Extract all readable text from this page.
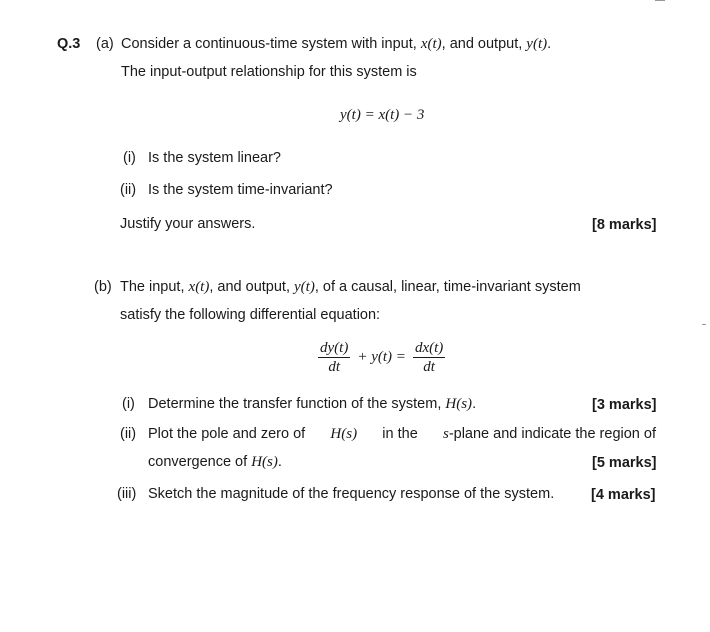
Q.3 (a) Consider a continuous-time system with input, x(t), and output, y(t).
The input-output relationship for this system is
y(t) = x(t) − 3
(i) Is the system linear?
(ii) Is the system time-invariant?
Justify your answers.	[8 marks]
(b) The input, x(t), and output, y(t), of a causal, linear, time-invariant system
satisfy the following differential equation:
$\frac{dy(t)}{dt} + y(t) = \frac{dx(t)}{dt}$
(i) Determine the transfer function of the system, H(s).	[3 marks]
(ii) Plot the pole and zero of H(s) in the s-plane and indicate the region of
convergence of H(s).	[5 marks]
(iii) Sketch the magnitude of the frequency response of the system.	[4 marks]
